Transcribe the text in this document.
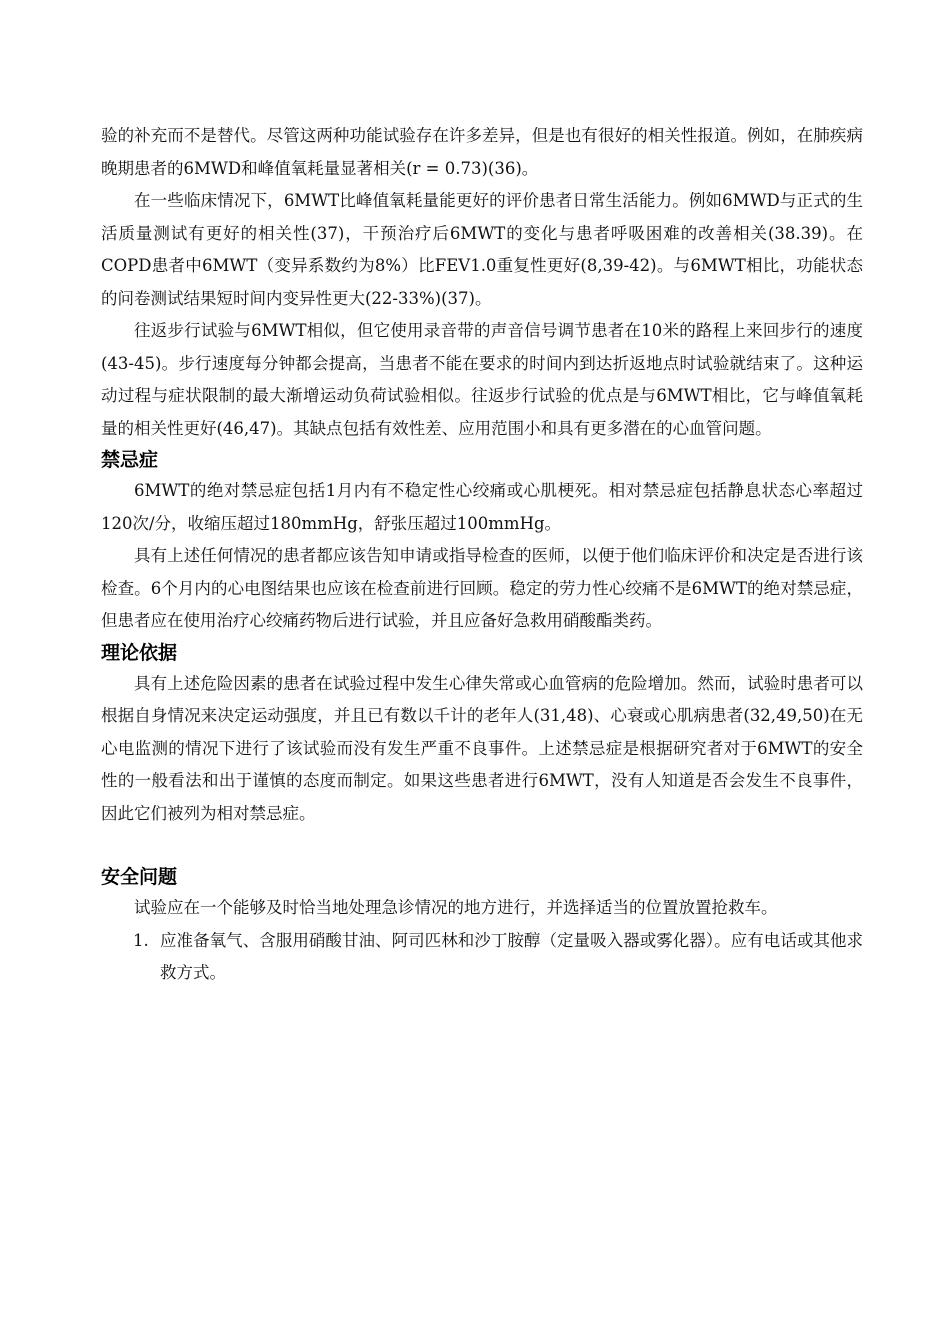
验的补充而不是替代。尽管这两种功能试验存在许多差异，但是也有很好的相关性报道。例如，在肺疾病晚期患者的6MWD和峰值氧耗量显著相关(r = 0.73)(36)。

在一些临床情况下，6MWT比峰值氧耗量能更好的评价患者日常生活能力。例如6MWD与正式的生活质量测试有更好的相关性(37)，干预治疗后6MWT的变化与患者呼吸困难的改善相关(38.39)。在COPD患者中6MWT（变异系数约为8%）比FEV1.0重复性更好(8,39-42)。与6MWT相比，功能状态的问卷测试结果短时间内变异性更大(22-33%)(37)。

往返步行试验与6MWT相似，但它使用录音带的声音信号调节患者在10米的路程上来回步行的速度(43-45)。步行速度每分钟都会提高，当患者不能在要求的时间内到达折返地点时试验就结束了。这种运动过程与症状限制的最大渐增运动负荷试验相似。往返步行试验的优点是与6MWT相比，它与峰值氧耗量的相关性更好(46,47)。其缺点包括有效性差、应用范围小和具有更多潜在的心血管问题。

禁忌症

6MWT的绝对禁忌症包括1月内有不稳定性心绞痛或心肌梗死。相对禁忌症包括静息状态心率超过120次/分，收缩压超过180mmHg，舒张压超过100mmHg。

具有上述任何情况的患者都应该告知申请或指导检查的医师，以便于他们临床评价和决定是否进行该检查。6个月内的心电图结果也应该在检查前进行回顾。稳定的劳力性心绞痛不是6MWT的绝对禁忌症，但患者应在使用治疗心绞痛药物后进行试验，并且应备好急救用硝酸酯类药。

理论依据

具有上述危险因素的患者在试验过程中发生心律失常或心血管病的危险增加。然而，试验时患者可以根据自身情况来决定运动强度，并且已有数以千计的老年人(31,48)、心衰或心肌病患者(32,49,50)在无心电监测的情况下进行了该试验而没有发生严重不良事件。上述禁忌症是根据研究者对于6MWT的安全性的一般看法和出于谨慎的态度而制定。如果这些患者进行6MWT，没有人知道是否会发生不良事件，因此它们被列为相对禁忌症。

安全问题

试验应在一个能够及时恰当地处理急诊情况的地方进行，并选择适当的位置放置抢救车。

1. 应准备氧气、含服用硝酸甘油、阿司匹林和沙丁胺醇（定量吸入器或雾化器）。应有电话或其他求救方式。
